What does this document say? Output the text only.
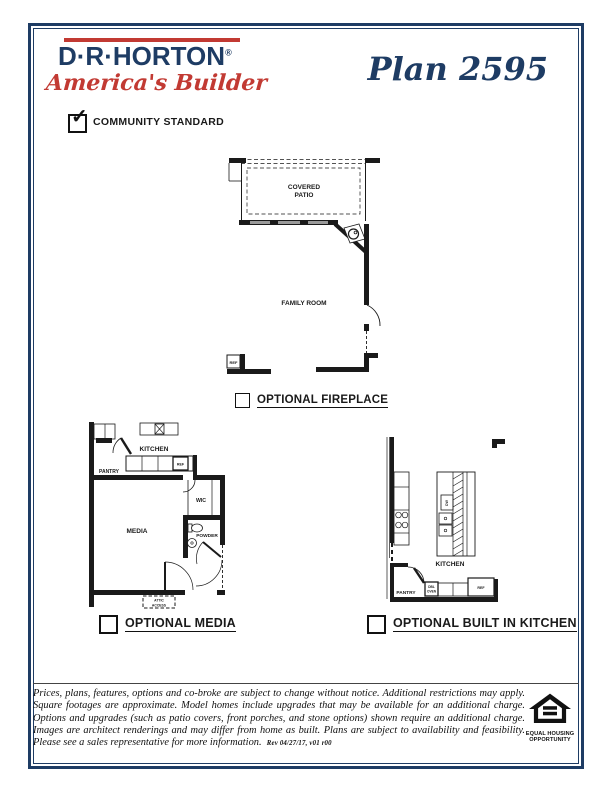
D·R·HORTON®
America's Builder	Plan 2595
✓ COMMUNITY STANDARD
REF
COVERED
PATIO
FAMILY ROOM
OPTIONAL FIREPLACE
KITCHEN
PANTRY
REF
WIC
MEDIA
POWDER
ATTIC
ACCESS
OPTIONAL MEDIA
DW
KITCHEN
PANTRY
DBL
OVEN
REF
OPTIONAL BUILT IN KITCHEN

Prices, plans, features, options and co-broke are subject to change without notice. Additional restrictions may apply. Square footages are approximate. Model homes include upgrades that may be available for an additional charge. Options and upgrades (such as patio covers, front porches, and stone options) shown require an additional charge. Images are architect renderings and may differ from home as built. Plans are subject to availability and feasibility. Please see a sales representative for more information. Rev 04/27/17, v01 r00

EQUAL HOUSING
OPPORTUNITY
